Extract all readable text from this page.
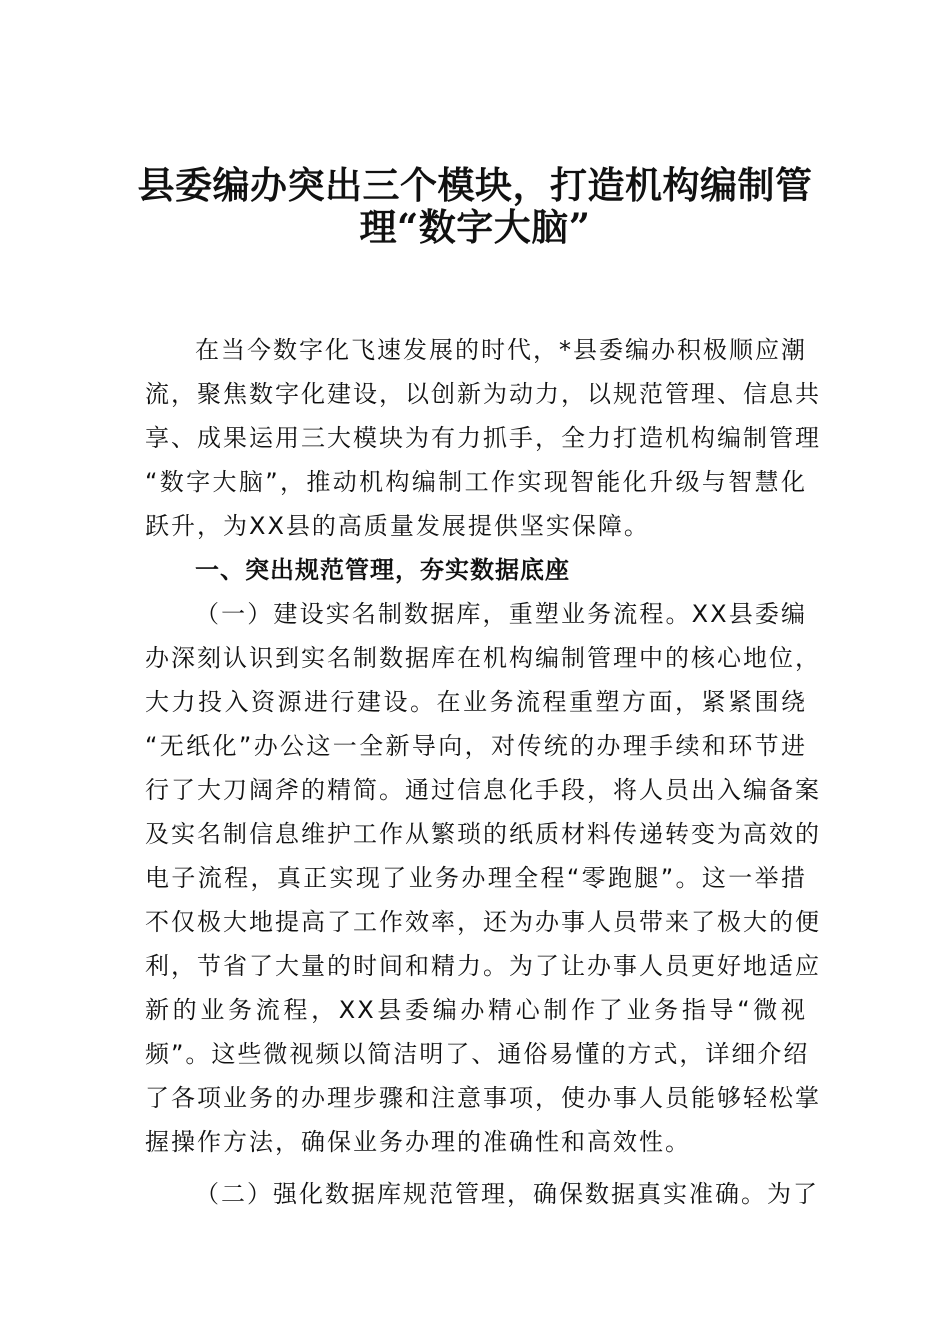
县委编办突出三个模块，打造机构编制管
理“数字大脑”
在当今数字化飞速发展的时代，*县委编办积极顺应潮
流，聚焦数字化建设，以创新为动力，以规范管理、信息共
享、成果运用三大模块为有力抓手，全力打造机构编制管理
“数字大脑”，推动机构编制工作实现智能化升级与智慧化
跃升，为XX县的高质量发展提供坚实保障。
一、突出规范管理，夯实数据底座
（一）建设实名制数据库，重塑业务流程。XX县委编
办深刻认识到实名制数据库在机构编制管理中的核心地位，
大力投入资源进行建设。在业务流程重塑方面，紧紧围绕
“无纸化”办公这一全新导向，对传统的办理手续和环节进
行了大刀阔斧的精简。通过信息化手段，将人员出入编备案
及实名制信息维护工作从繁琐的纸质材料传递转变为高效的
电子流程，真正实现了业务办理全程“零跑腿”。这一举措
不仅极大地提高了工作效率，还为办事人员带来了极大的便
利，节省了大量的时间和精力。为了让办事人员更好地适应
新的业务流程，XX县委编办精心制作了业务指导“微视
频”。这些微视频以简洁明了、通俗易懂的方式，详细介绍
了各项业务的办理步骤和注意事项，使办事人员能够轻松掌
握操作方法，确保业务办理的准确性和高效性。
（二）强化数据库规范管理，确保数据真实准确。为了
